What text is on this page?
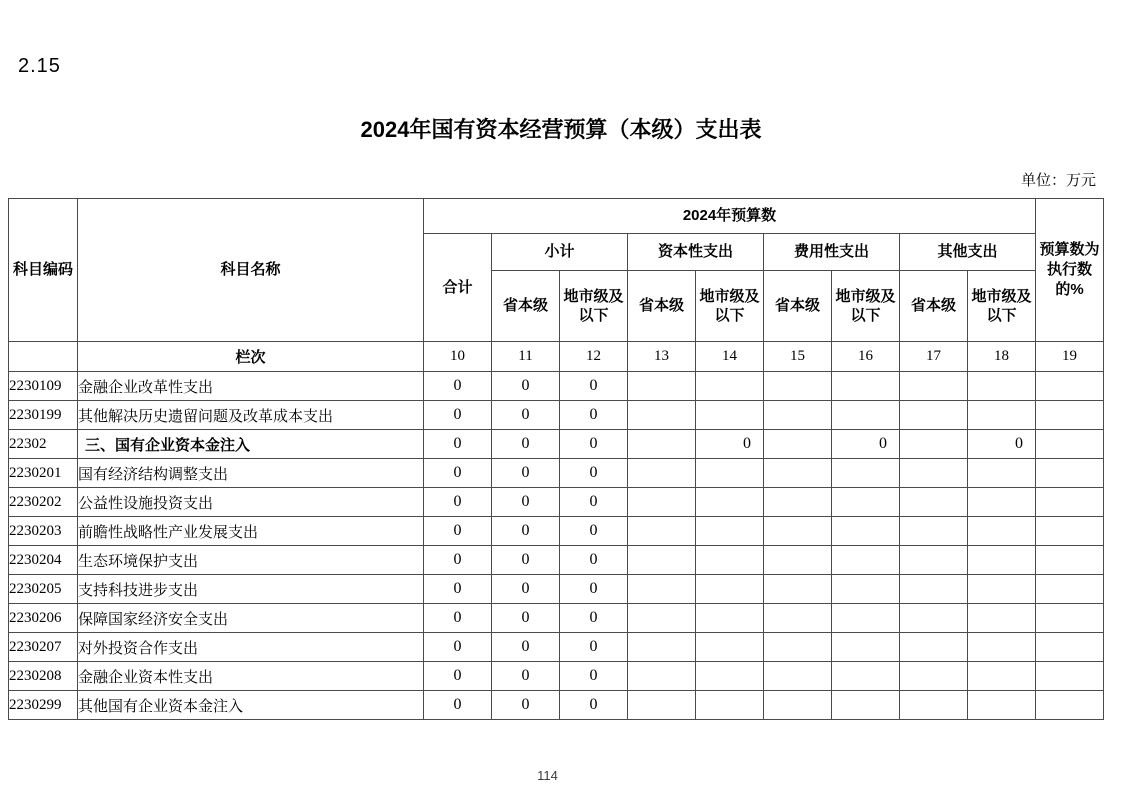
2.15
2024年国有资本经营预算（本级）支出表
单位：万元
科目编码	科目名称	2024年预算数									预算数为执行数的%
		合计	小计		资本性支出		费用性支出		其他支出		
			省本级	地市级及以下	省本级	地市级及以下	省本级	地市级及以下	省本级	地市级及以下	
	栏次	10	11	12	13	14	15	16	17	18	19
2230109	金融企业改革性支出	0	0	0							
2230199	其他解决历史遗留问题及改革成本支出	0	0	0							
22302	三、国有企业资本金注入	0	0	0		0		0		0	
2230201	国有经济结构调整支出	0	0	0							
2230202	公益性设施投资支出	0	0	0							
2230203	前瞻性战略性产业发展支出	0	0	0							
2230204	生态环境保护支出	0	0	0							
2230205	支持科技进步支出	0	0	0							
2230206	保障国家经济安全支出	0	0	0							
2230207	对外投资合作支出	0	0	0							
2230208	金融企业资本性支出	0	0	0							
2230299	其他国有企业资本金注入	0	0	0							
114
